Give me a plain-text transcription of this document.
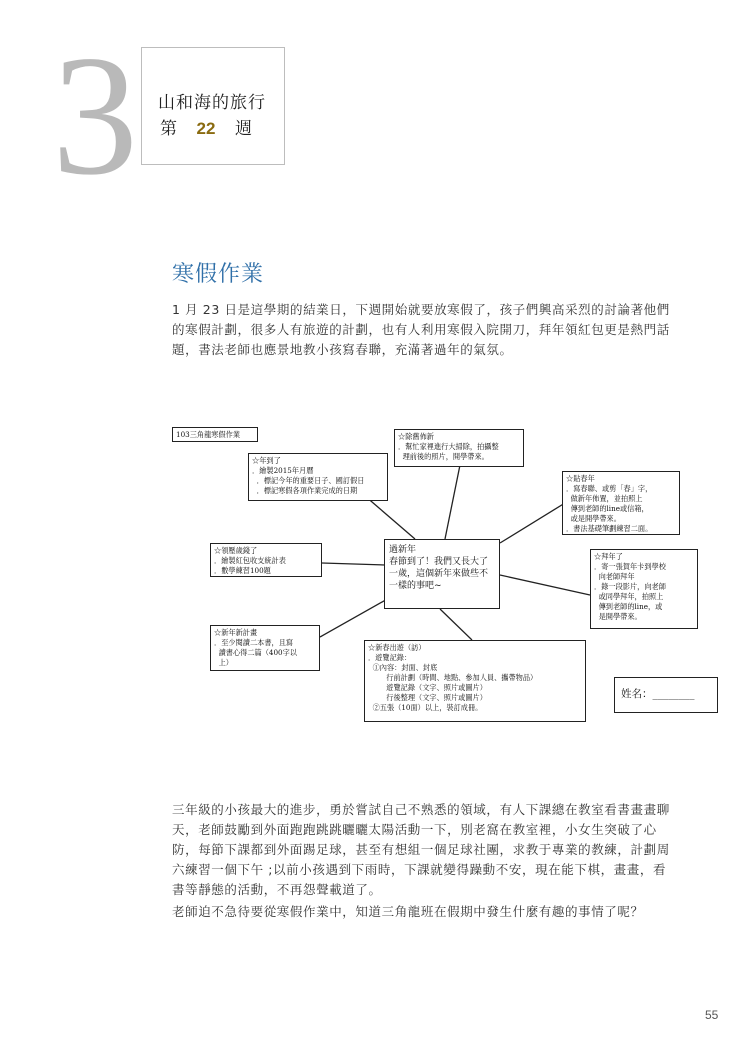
3 山和海的旅行
第 22 週
寒假作業

1 月 23 日是這學期的結業日，下週開始就要放寒假了，孩子們興高采烈的討論著他們的寒假計劃，很多人有旅遊的計劃，也有人利用寒假入院開刀，拜年領紅包更是熱門話題，書法老師也應景地教小孩寫春聯，充滿著過年的氣氛。

103三角龍寒假作業
☆年到了
．繪製2015年月曆
．標記今年的重要日子、國訂假日
．標記寒假各項作業完成的日期
☆除舊佈新
．幫忙家裡進行大掃除，拍攝整
理前後的照片，開學帶來。
☆貼春年
．寫春聯、或剪「春」字，
做新年佈置，並拍照上
傳到老師的line或信箱，
或是開學帶來。
．書法基礎筆劃練習二面。
☆領壓歲錢了
．繪製紅包收支統計表
．數學練習100題
過新年
春節到了！我們又長大了
一歲，這個新年來做些不
一樣的事吧~
☆拜年了
．寄一張賀年卡到學校
向老師拜年
．錄一段影片，向老師
或同學拜年，拍照上
傳到老師的line，或
是開學帶來。
☆新年新計畫
．至少閱讀二本書，且寫
讀書心得二篇（400字以
上）
☆新春出遊（訪）
．遊覽記錄：
①內容：封面、封底
行前計劃（時間、地點、參加人員、攜帶物品）
遊覽記錄（文字、照片或圖片）
行後整理（文字、照片或圖片）
②五張（10面）以上，裝訂成冊。
姓名：________

三年級的小孩最大的進步，勇於嘗試自己不熟悉的領域，有人下課總在教室看書畫畫聊天，老師鼓勵到外面跑跑跳跳曬曬太陽活動一下，別老窩在教室裡，小女生突破了心防，每節下課都到外面踢足球，甚至有想組一個足球社團，求教于專業的教練，計劃周六練習一個下午 ;以前小孩遇到下雨時，下課就變得躁動不安，現在能下棋，畫畫，看書等靜態的活動，不再怨聲載道了。

老師迫不急待要從寒假作業中，知道三角龍班在假期中發生什麼有趣的事情了呢？

55
